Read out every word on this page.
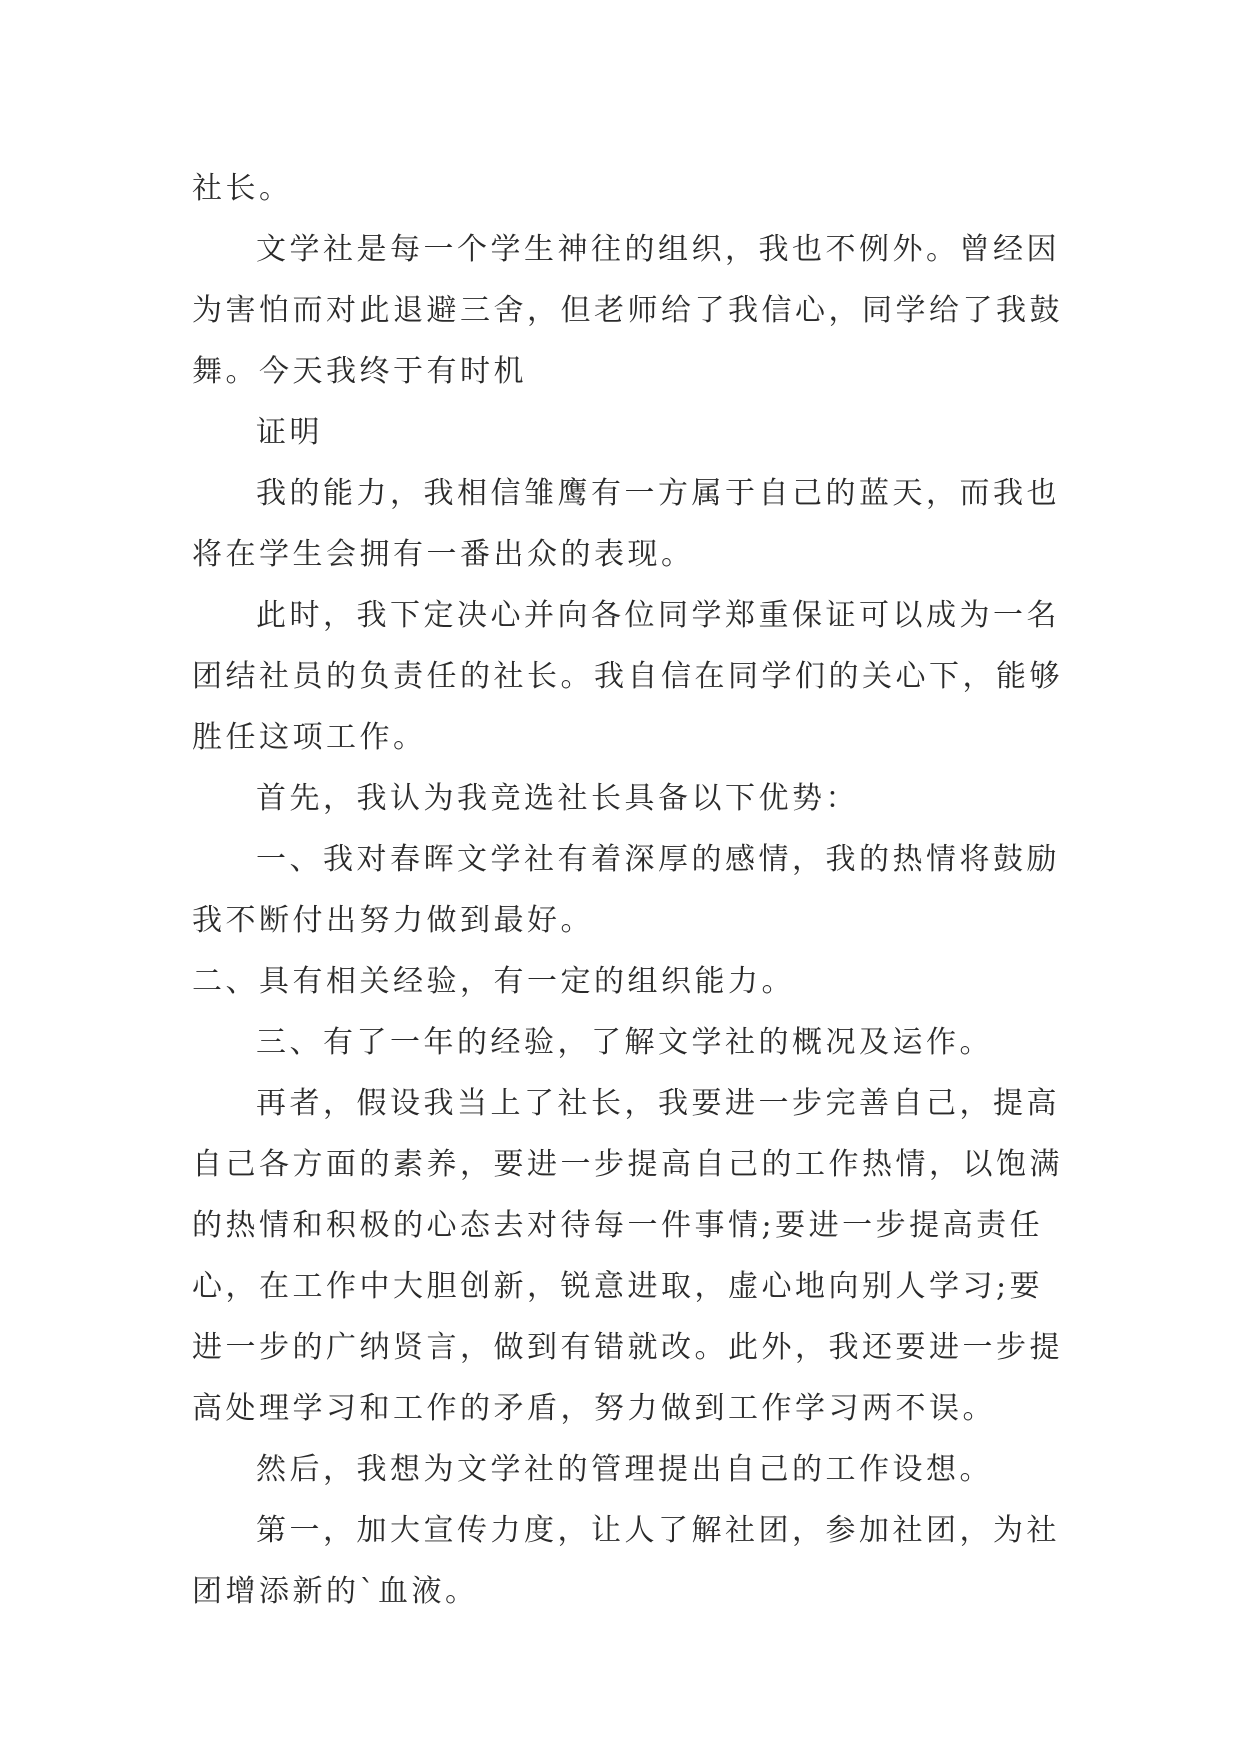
社长。
文学社是每一个学生神往的组织，我也不例外。曾经因
为害怕而对此退避三舍，但老师给了我信心，同学给了我鼓
舞。今天我终于有时机
证明
我的能力，我相信雏鹰有一方属于自己的蓝天，而我也
将在学生会拥有一番出众的表现。
此时，我下定决心并向各位同学郑重保证可以成为一名
团结社员的负责任的社长。我自信在同学们的关心下，能够
胜任这项工作。
首先，我认为我竞选社长具备以下优势：
一、我对春晖文学社有着深厚的感情，我的热情将鼓励
我不断付出努力做到最好。
二、具有相关经验，有一定的组织能力。
三、有了一年的经验，了解文学社的概况及运作。
再者，假设我当上了社长，我要进一步完善自己，提高
自己各方面的素养，要进一步提高自己的工作热情，以饱满
的热情和积极的心态去对待每一件事情;要进一步提高责任
心，在工作中大胆创新，锐意进取，虚心地向别人学习;要
进一步的广纳贤言，做到有错就改。此外，我还要进一步提
高处理学习和工作的矛盾，努力做到工作学习两不误。
然后，我想为文学社的管理提出自己的工作设想。
第一，加大宣传力度，让人了解社团，参加社团，为社
团增添新的`血液。
